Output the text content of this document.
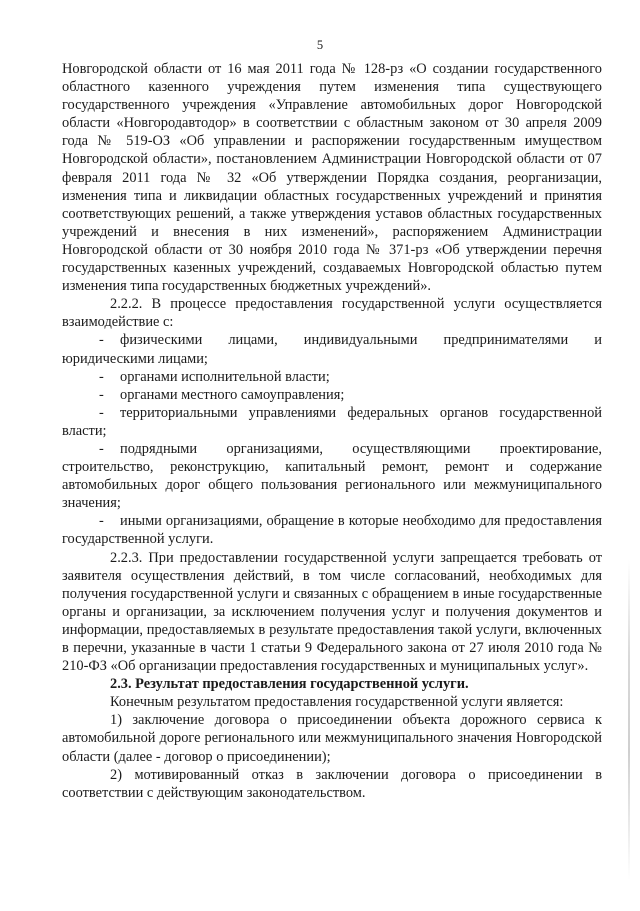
5

Новгородской области от 16 мая 2011 года № 128-рз «О создании государственного областного казенного учреждения путем изменения типа существующего государственного учреждения «Управление автомобильных дорог Новгородской области «Новгородавтодор» в соответствии с областным законом от 30 апреля 2009 года № 519-ОЗ «Об управлении и распоряжении государственным имуществом Новгородской области», постановлением Администрации Новгородской области от 07 февраля 2011 года № 32 «Об утверждении Порядка создания, реорганизации, изменения типа и ликвидации областных государственных учреждений и принятия соответствующих решений, а также утверждения уставов областных государственных учреждений и внесения в них изменений», распоряжением Администрации Новгородской области от 30 ноября 2010 года № 371-рз «Об утверждении перечня государственных казенных учреждений, создаваемых Новгородской областью путем изменения типа государственных бюджетных учреждений».

2.2.2. В процессе предоставления государственной услуги осуществляется взаимодействие с:

- физическими лицами, индивидуальными предпринимателями и юридическими лицами;

- органами исполнительной власти;

- органами местного самоуправления;

- территориальными управлениями федеральных органов государственной власти;

- подрядными организациями, осуществляющими проектирование, строительство, реконструкцию, капитальный ремонт, ремонт и содержание автомобильных дорог общего пользования регионального или межмуниципального значения;

- иными организациями, обращение в которые необходимо для предоставления государственной услуги.

2.2.3. При предоставлении государственной услуги запрещается требовать от заявителя осуществления действий, в том числе согласований, необходимых для получения государственной услуги и связанных с обращением в иные государственные органы и организации, за исключением получения услуг и получения документов и информации, предоставляемых в результате предоставления такой услуги, включенных в перечни, указанные в части 1 статьи 9 Федерального закона от 27 июля 2010 года № 210-ФЗ «Об организации предоставления государственных и муниципальных услуг».

2.3. Результат предоставления государственной услуги.

Конечным результатом предоставления государственной услуги является:

1) заключение договора о присоединении объекта дорожного сервиса к автомобильной дороге регионального или межмуниципального значения Новгородской области (далее - договор о присоединении);

2) мотивированный отказ в заключении договора о присоединении в соответствии с действующим законодательством.
